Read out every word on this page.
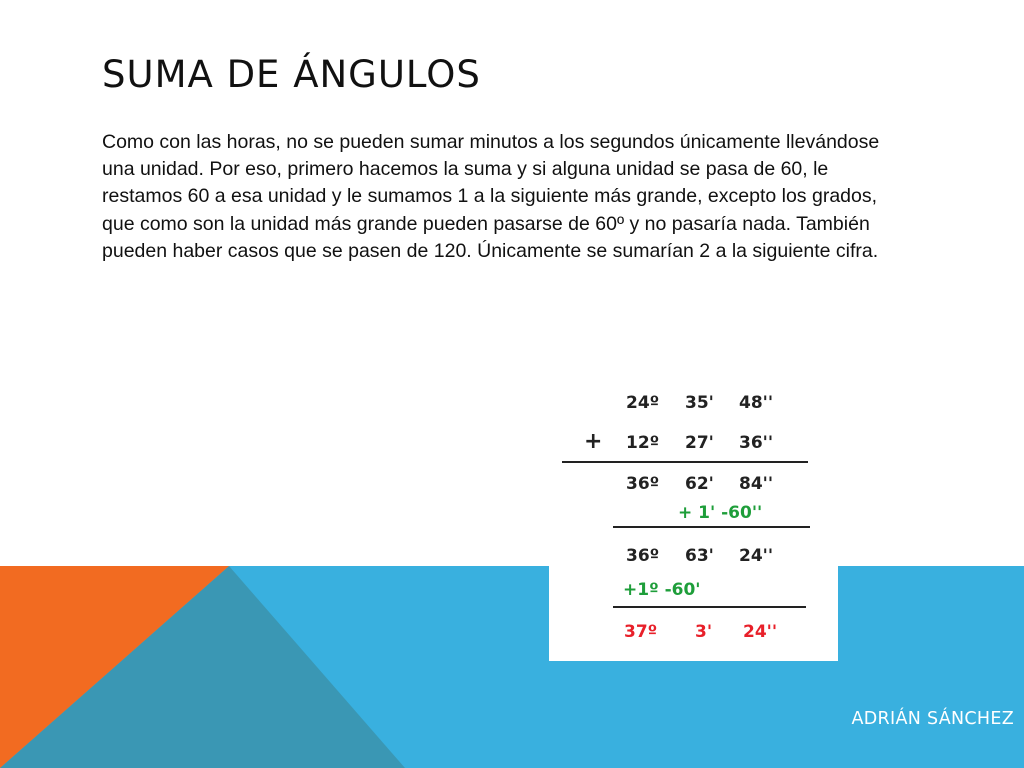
SUMA DE ÁNGULOS

Como con las horas, no se pueden sumar minutos a los segundos únicamente llevándose una unidad. Por eso, primero hacemos la suma y si alguna unidad se pasa de 60, le restamos 60 a esa unidad y le sumamos 1 a la siguiente más grande, excepto los grados, que como son la unidad más grande pueden pasarse de 60º y no pasaría nada. También pueden haber casos que se pasen de 120. Únicamente se sumarían 2 a la siguiente cifra.

24º 35' 48''
+ 12º 27' 36''
36º 62' 84''
+ 1' -60''
36º 63' 24''
+1º -60'
37º 3' 24''

ADRIÁN SÁNCHEZ
